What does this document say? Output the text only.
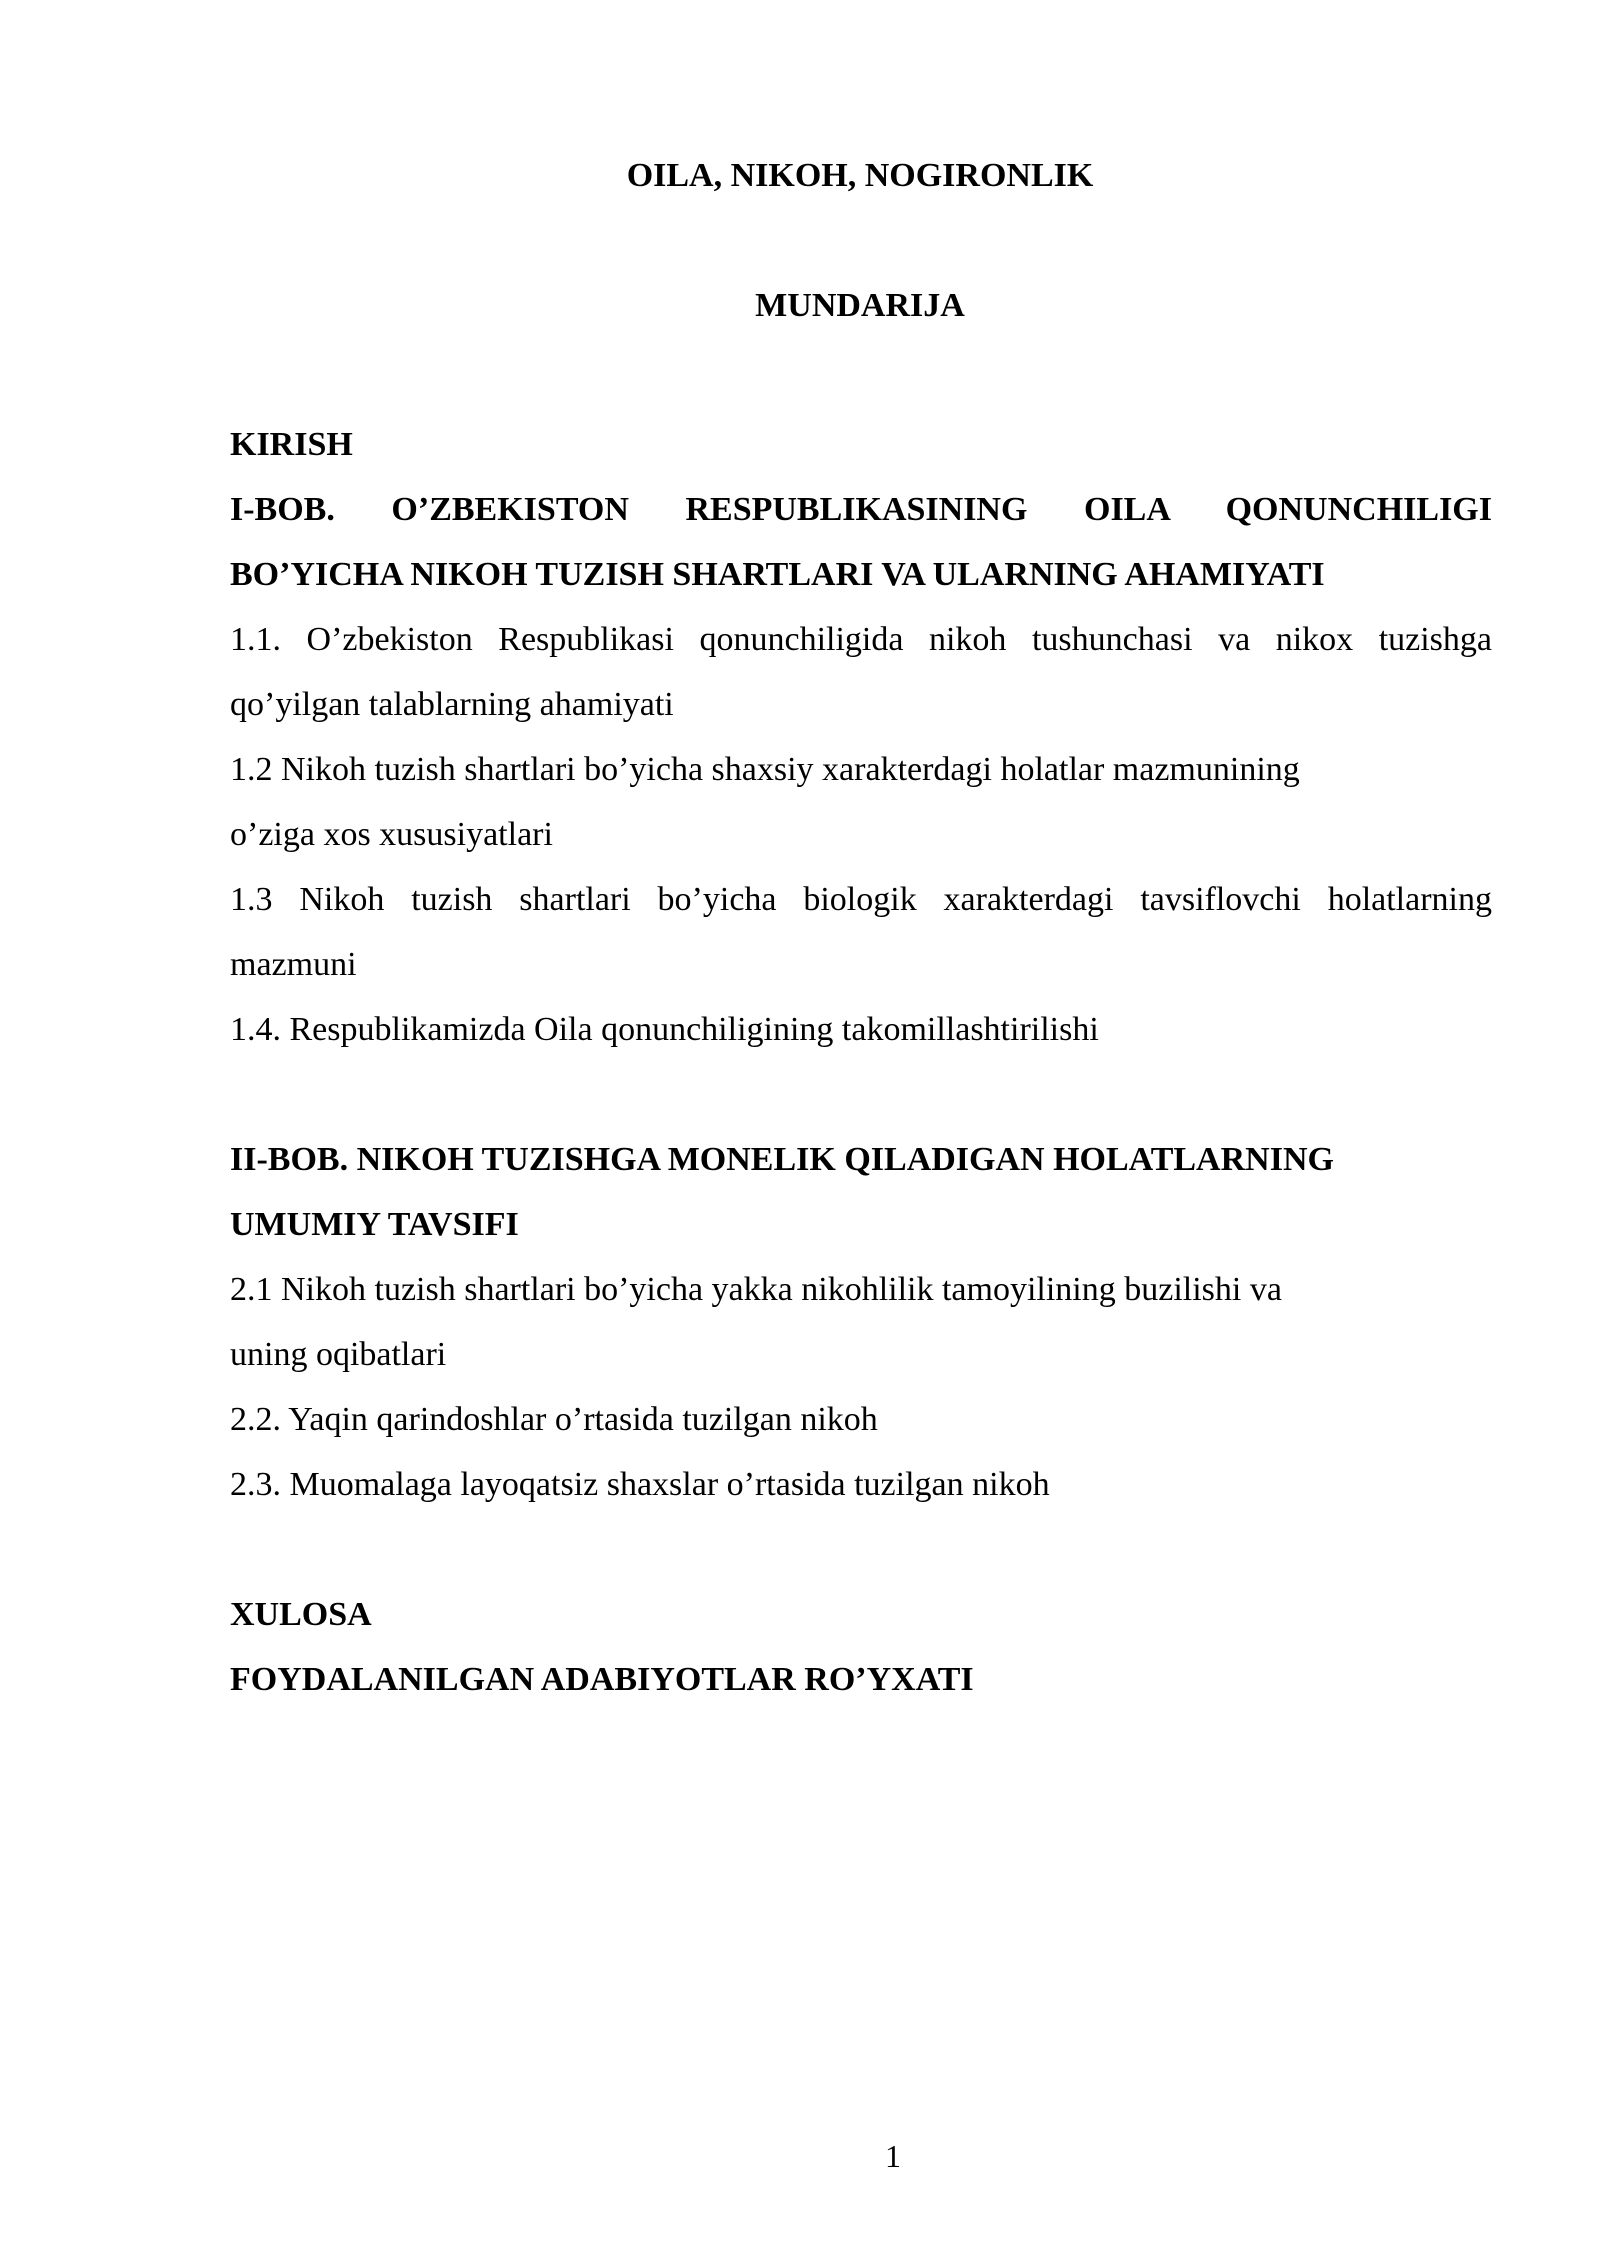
OILA, NIKOH, NOGIRONLIK
MUNDARIJA
KIRISH
I-BOB. O’ZBEKISTON RESPUBLIKASINING OILA QONUNCHILIGI
BO’YICHA NIKOH TUZISH SHARTLARI VA ULARNING AHAMIYATI
1.1. O’zbekiston Respublikasi qonunchiligida nikoh tushunchasi va nikox tuzishga
qo’yilgan talablarning ahamiyati
1.2 Nikoh tuzish shartlari bo’yicha shaxsiy xarakterdagi holatlar mazmunining
o’ziga xos xususiyatlari
1.3 Nikoh tuzish shartlari bo’yicha biologik xarakterdagi tavsiflovchi holatlarning
mazmuni
1.4. Respublikamizda Oila qonunchiligining takomillashtirilishi
II-BOB. NIKOH TUZISHGA MONELIK QILADIGAN HOLATLARNING
UMUMIY TAVSIFI
2.1 Nikoh tuzish shartlari bo’yicha yakka nikohlilik tamoyilining buzilishi va
uning oqibatlari
2.2. Yaqin qarindoshlar o’rtasida tuzilgan nikoh
2.3. Muomalaga layoqatsiz shaxslar o’rtasida tuzilgan nikoh
XULOSA
FOYDALANILGAN ADABIYOTLAR RO’YXATI
1
